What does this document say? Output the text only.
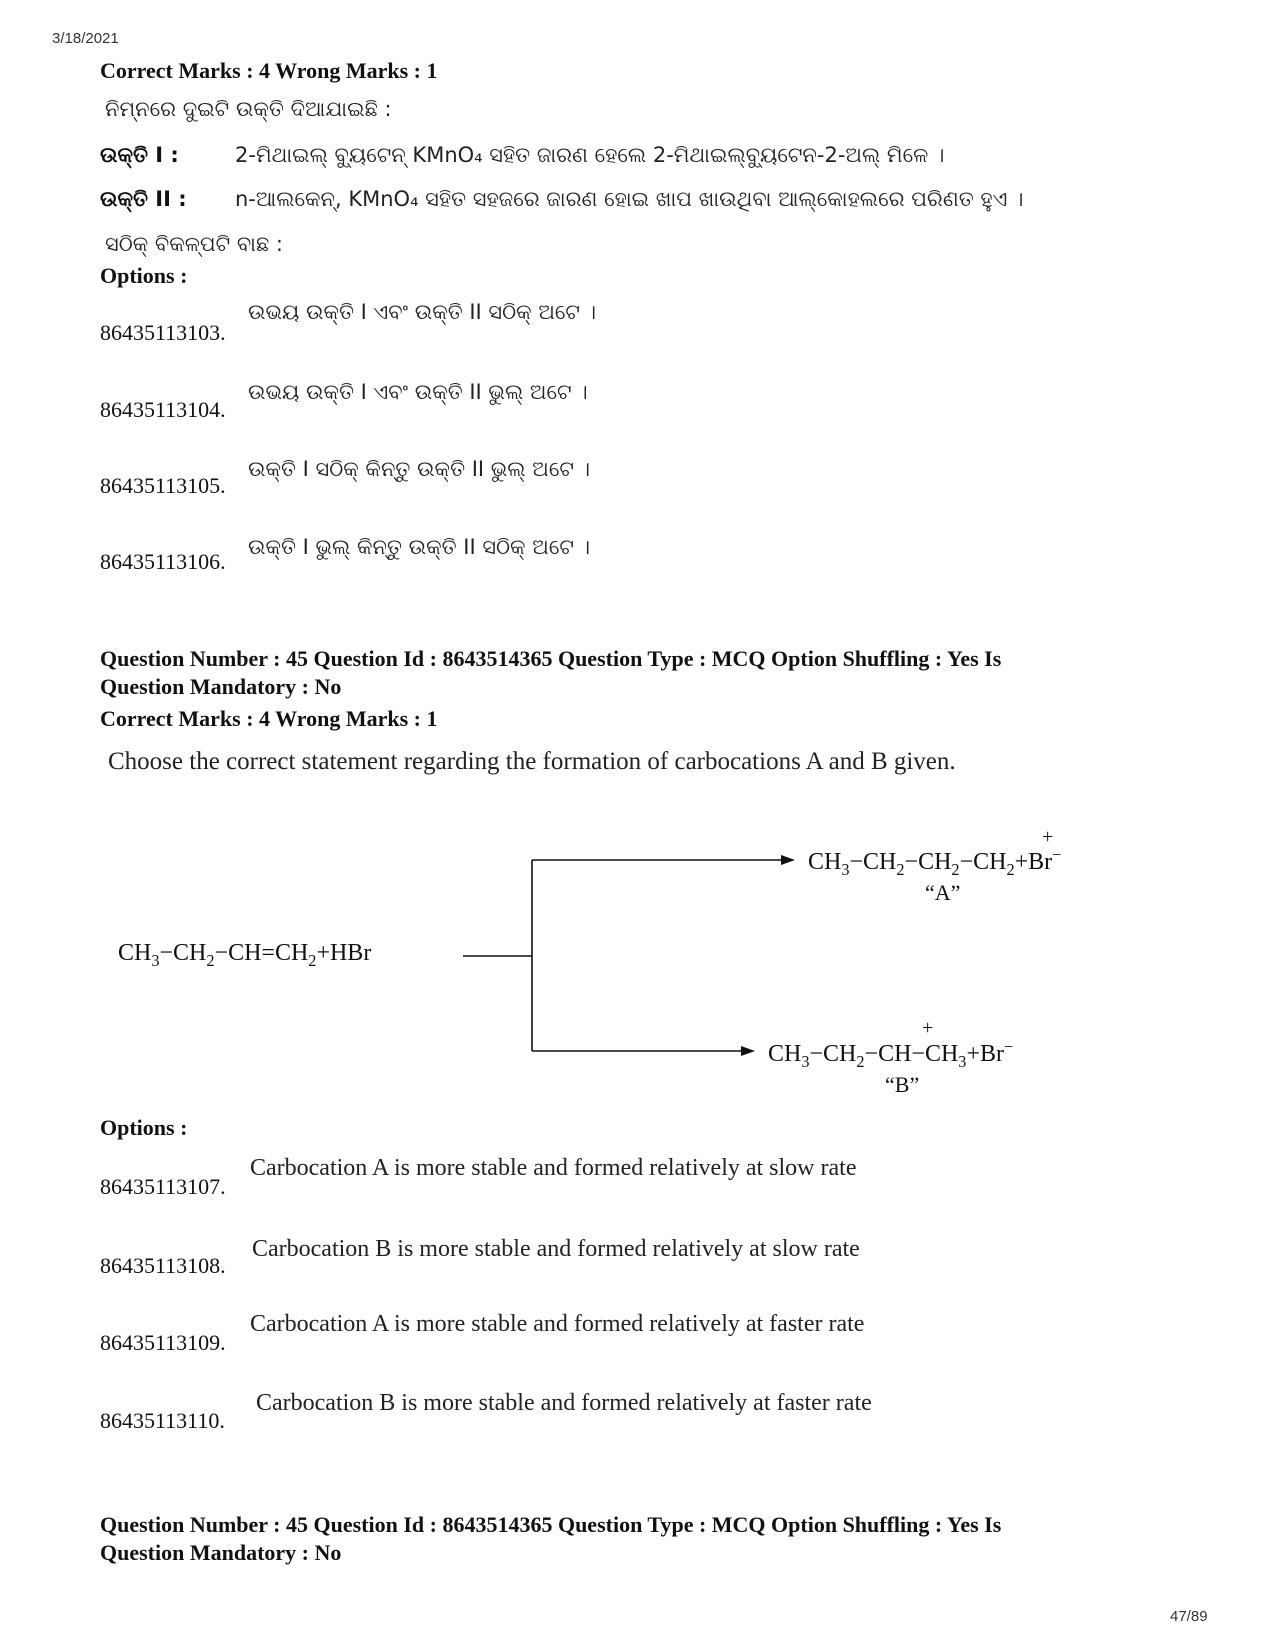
3/18/2021
47/89
Correct Marks : 4 Wrong Marks : 1
ନିମ୍ନରେ ଦୁଇଟି ଉକ୍ତି ଦିଆଯାଇଛି :
ଉକ୍ତି I :	2-ମିଥାଇଲ୍ ବ୍ୟୁଟେନ୍ KMnO₄ ସହିତ ଜାରଣ ହେଲେ 2-ମିଥାଇଲ୍‌ବ୍ୟୁଟେନ-2-ଅଲ୍ ମିଳେ ।
ଉକ୍ତି II : n-ଆଲକେନ୍, KMnO₄ ସହିତ ସହଜରେ ଜାରଣ ହୋଇ ଖାପ ଖାଉଥିବା ଆଲ୍‌କୋହଲରେ ପରିଣତ ହୁଏ ।
ସଠିକ୍ ବିକଳ୍ପଟି ବାଛ :
Options :
86435113103.
ଉଭୟ ଉକ୍ତି I ଏବଂ ଉକ୍ତି II ସଠିକ୍ ଅଟେ ।
86435113104.
ଉଭୟ ଉକ୍ତି I ଏବଂ ଉକ୍ତି II ଭୁଲ୍ ଅଟେ ।
86435113105.
ଉକ୍ତି I ସଠିକ୍ କିନ୍ତୁ ଉକ୍ତି II ଭୁଲ୍ ଅଟେ ।
86435113106.
ଉକ୍ତି I ଭୁଲ୍ କିନ୍ତୁ ଉକ୍ତି II ସଠିକ୍ ଅଟେ ।
Question Number : 45 Question Id : 8643514365 Question Type : MCQ Option Shuffling : Yes Is
Question Mandatory : No
Correct Marks : 4 Wrong Marks : 1
Choose the correct statement regarding the formation of carbocations A and B given.
$CH_3-CH_2-CH=CH_2+HBr$
$CH_3-CH_2-CH_2-CH_2+Br^-$
+
“A”
$CH_3-CH_2-CH-CH_3+Br^-$
+
“B”
Options :
86435113107.
Carbocation A is more stable and formed relatively at slow rate
86435113108.
Carbocation B is more stable and formed relatively at slow rate
86435113109.
Carbocation A is more stable and formed relatively at faster rate
86435113110.
Carbocation B is more stable and formed relatively at faster rate
Question Number : 45 Question Id : 8643514365 Question Type : MCQ Option Shuffling : Yes Is
Question Mandatory : No
